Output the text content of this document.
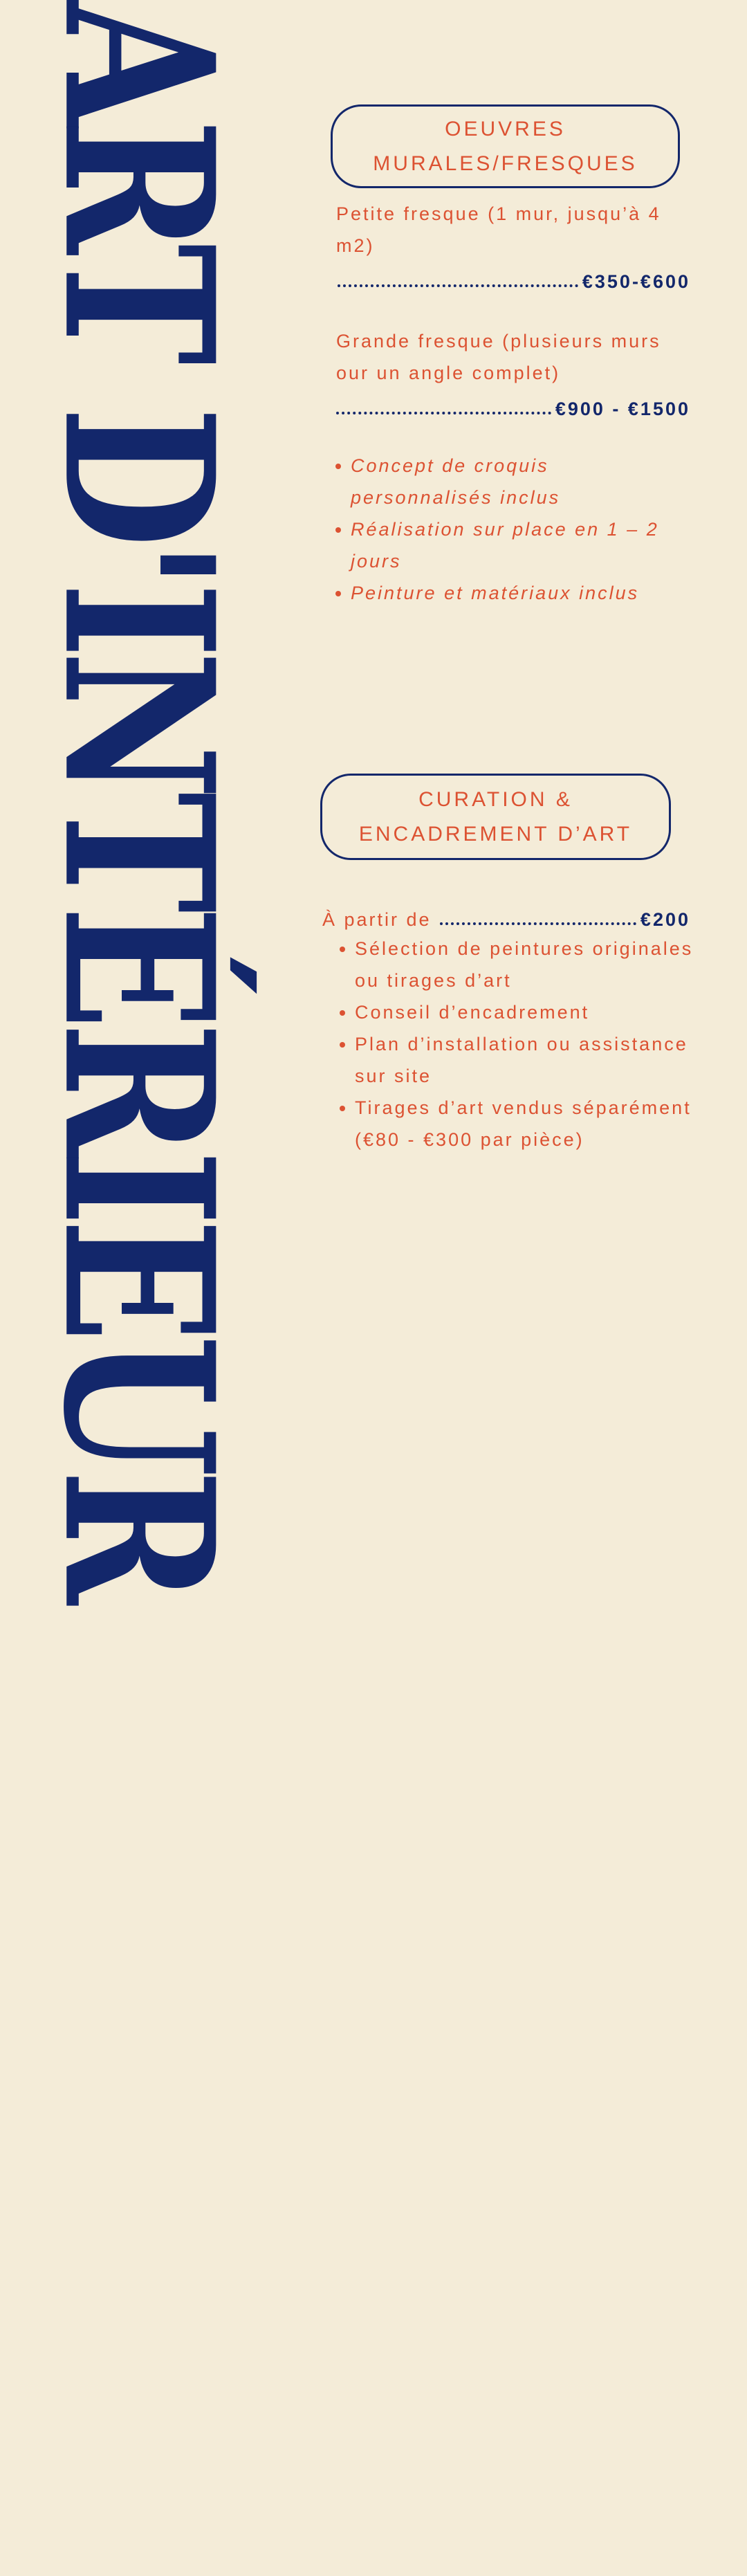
ART D'INTÉRIEUR	OEUVRES MURALES/FRESQUES
Petite fresque (1 mur, jusqu’à 4 m2)
€350-€600
Grande fresque (plusieurs murs our un angle complet)
€900 - €1500
Concept de croquis personnalisés inclus
Réalisation sur place en 1 – 2 jours
Peinture et matériaux inclus
CURATION & ENCADREMENT D’ART
À partir de	€200
Sélection de peintures originales ou tirages d’art
Conseil d’encadrement
Plan d’installation ou assistance sur site
Tirages d’art vendus séparément (€80 - €300 par pièce)
